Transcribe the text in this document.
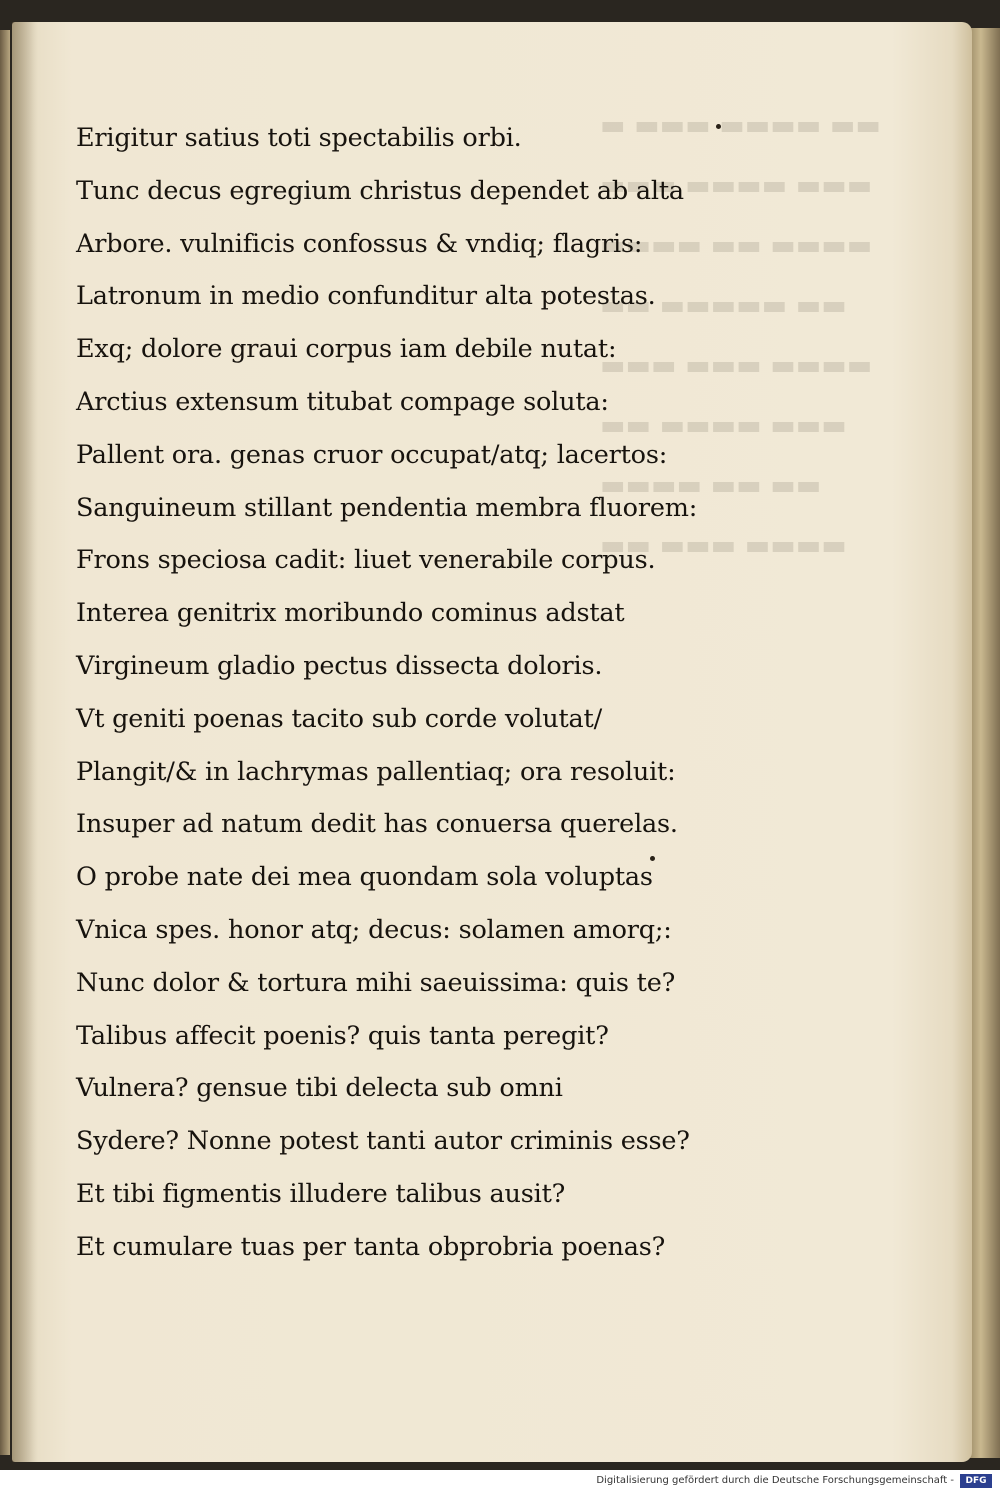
Erigitur satius toti spectabilis orbi.
Tunc decus egregium christus dependet ab alta
Arbore. vulnificis confossus & vndiq; flagris:
Latronum in medio confunditur alta potestas.
Exq; dolore graui corpus iam debile nutat:
Arctius extensum titubat compage soluta:
Pallent ora. genas cruor occupat/atq; lacertos:
Sanguineum stillant pendentia membra fluorem:
Frons speciosa cadit: liuet venerabile corpus.
Interea genitrix moribundo cominus adstat
Virgineum gladio pectus dissecta doloris.
Vt geniti poenas tacito sub corde volutat/
Plangit/& in lachrymas pallentiaq; ora resoluit:
Insuper ad natum dedit has conuersa querelas.
O probe nate dei mea quondam sola voluptas
Vnica spes. honor atq; decus: solamen amorq;:
Nunc dolor & tortura mihi saeuissima: quis te?
Talibus affecit poenis? quis tanta peregit?
Vulnera? gensue tibi delecta sub omni
Sydere? Nonne potest tanti autor criminis esse?
Et tibi figmentis illudere talibus ausit?
Et cumulare tuas per tanta obprobria poenas?
Digitalisierung gefördert durch die Deutsche Forschungsgemeinschaft -	DFG
